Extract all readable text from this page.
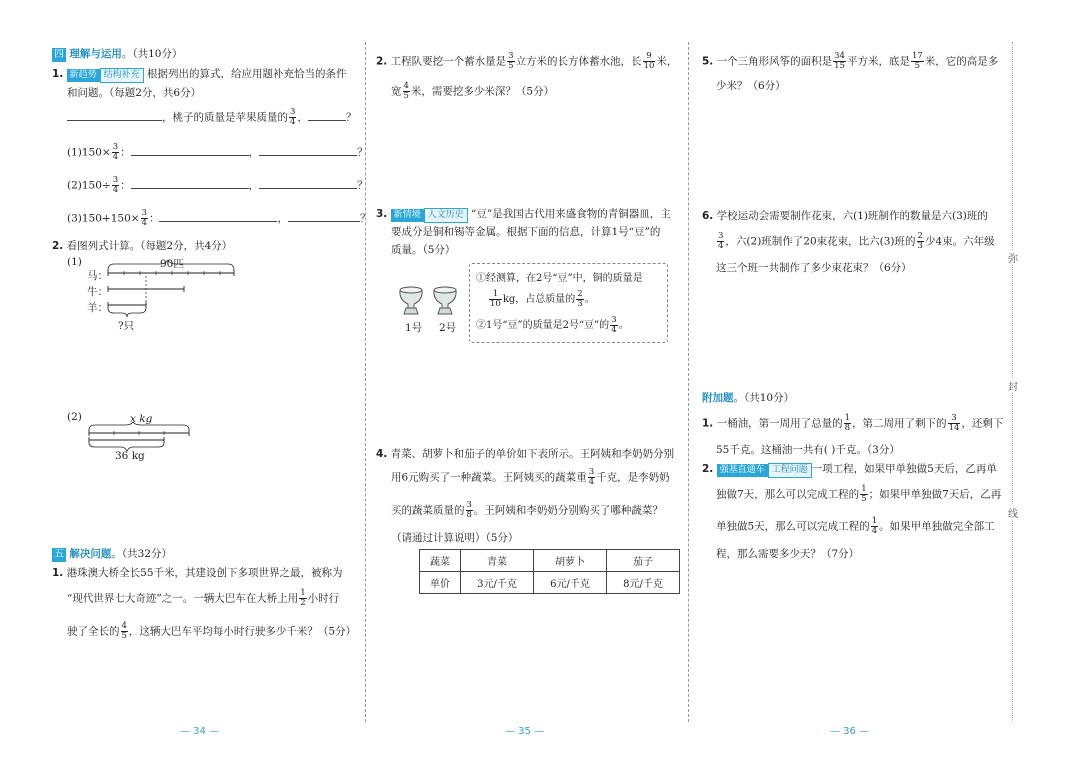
四 理解与运用。（共10分）
1. 新趋势 结构补充 根据列出的算式，给应用题补充恰当的条件
和问题。（每题2分，共6分）
，桃子的质量是苹果质量的 $\frac{3}{4}$ ，	？
$(1)150\times \frac{3}{4}$ ：	，	？
$(2)150\div \frac{3}{4}$ ：	，	？
$(3)150+150\times \frac{3}{4}$ ：	，	？
2. 看图列式计算。（每题2分，共4分）
(1)	90匹
马：
牛：
羊：
?只
(2)	x kg
36 kg
五 解决问题。（共32分）
1. 港珠澳大桥全长55千米，其建设创下多项世界之最，被称为
“现代世界七大奇迹”之一。一辆大巴车在大桥上用 $\frac{1}{2}$ 小时行
驶了全长的 $\frac{4}{5}$ ，这辆大巴车平均每小时行驶多少千米？（5分）
2. 工程队要挖一个蓄水量是 $\frac{3}{5}$ 立方米的长方体蓄水池，长 $\frac{9}{10}$ 米，
宽 $\frac{4}{5}$ 米，需要挖多少米深？（5分）
3. 新情境 人文历史 “豆”是我国古代用来盛食物的青铜器皿，主
要成分是铜和锡等金属。根据下面的信息，计算1号“豆”的
质量。（5分）
1号 2号
①经测算，在2号“豆”中，铜的质量是
$\frac{1}{10}$ kg，占总质量的 $\frac{2}{3}$ 。
②1号“豆”的质量是2号“豆”的 $\frac{3}{4}$ 。
4. 青菜、胡萝卜和茄子的单价如下表所示。王阿姨和李奶奶分别
用6元购买了一种蔬菜。王阿姨买的蔬菜重 $\frac{3}{4}$ 千克，是李奶奶
买的蔬菜质量的 $\frac{3}{8}$ 。王阿姨和李奶奶分别购买了哪种蔬菜？
（请通过计算说明）（5分）
蔬菜	青菜	胡萝卜	茄子
单价	3元/千克	6元/千克	8元/千克
5. 一个三角形风筝的面积是 $\frac{34}{15}$ 平方米，底是 $\frac{17}{5}$ 米，它的高是多
少米？（6分）
6. 学校运动会需要制作花束，六(1)班制作的数量是六(3)班的
$\frac{3}{4}$ ，六(2)班制作了20束花束，比六(3)班的 $\frac{2}{3}$ 少4束。六年级
这三个班一共制作了多少束花束？（6分）
附加题。（共10分）
1. 一桶油，第一周用了总量的 $\frac{1}{8}$ ，第二周用了剩下的 $\frac{3}{14}$ ，还剩下
55千克。这桶油一共有( )千克。（3分）
2. 强基直通车 工程问题 一项工程，如果甲单独做5天后，乙再单
独做7天，那么可以完成工程的 $\frac{1}{5}$ ；如果甲单独做7天后，乙再
单独做5天，那么可以完成工程的 $\frac{1}{4}$ 。如果甲单独做完全部工
程，那么需要多少天？（7分）
弥
封
线
— 34 —	— 35 —	— 36 —
